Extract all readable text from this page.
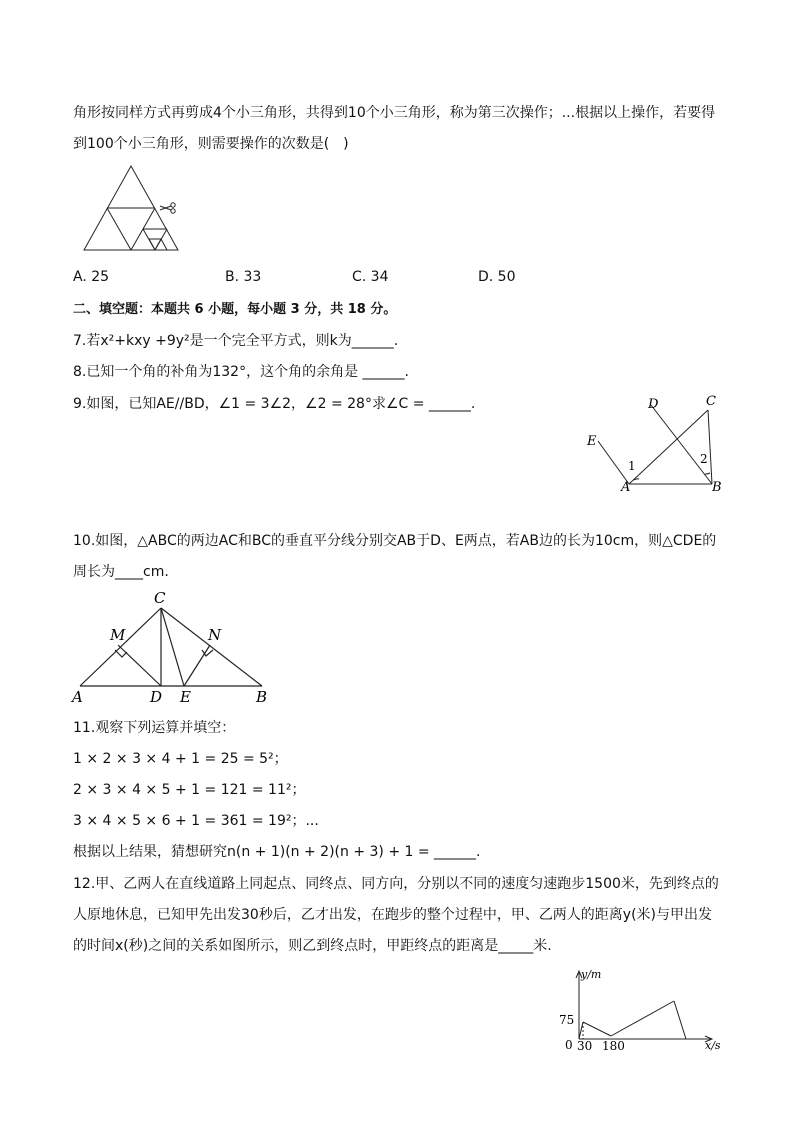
角形按同样方式再剪成4个小三角形，共得到10个小三角形，称为第三次操作；...根据以上操作，若要得
到100个小三角形，则需要操作的次数是(　)
A. 25	B. 33	C. 34	D. 50
二、填空题：本题共 6 小题，每小题 3 分，共 18 分。
7.若x²+kxy +9y²是一个完全平方式，则k为______.
8.已知一个角的补角为132°，这个角的余角是 ______.
9.如图，已知AE//BD，∠1 = 3∠2，∠2 = 28°求∠C = ______.	D	C
E
A	B
1	2
10.如图，△ABC的两边AC和BC的垂直平分线分别交AB于D、E两点，若AB边的长为10cm，则△CDE的
周长为____cm.
C
M	N
A	D E	B
11.观察下列运算并填空：
1 × 2 × 3 × 4 + 1 = 25 = 5²；
2 × 3 × 4 × 5 + 1 = 121 = 11²；
3 × 4 × 5 × 6 + 1 = 361 = 19²；...
根据以上结果，猜想研究n(n + 1)(n + 2)(n + 3) + 1 = ______.
12.甲、乙两人在直线道路上同起点、同终点、同方向，分别以不同的速度匀速跑步1500米，先到终点的
人原地休息，已知甲先出发30秒后，乙才出发，在跑步的整个过程中，甲、乙两人的距离y(米)与甲出发
的时间x(秒)之间的关系如图所示，则乙到终点时，甲距终点的距离是_____米.
y/m
x/s
75
0 30 180
